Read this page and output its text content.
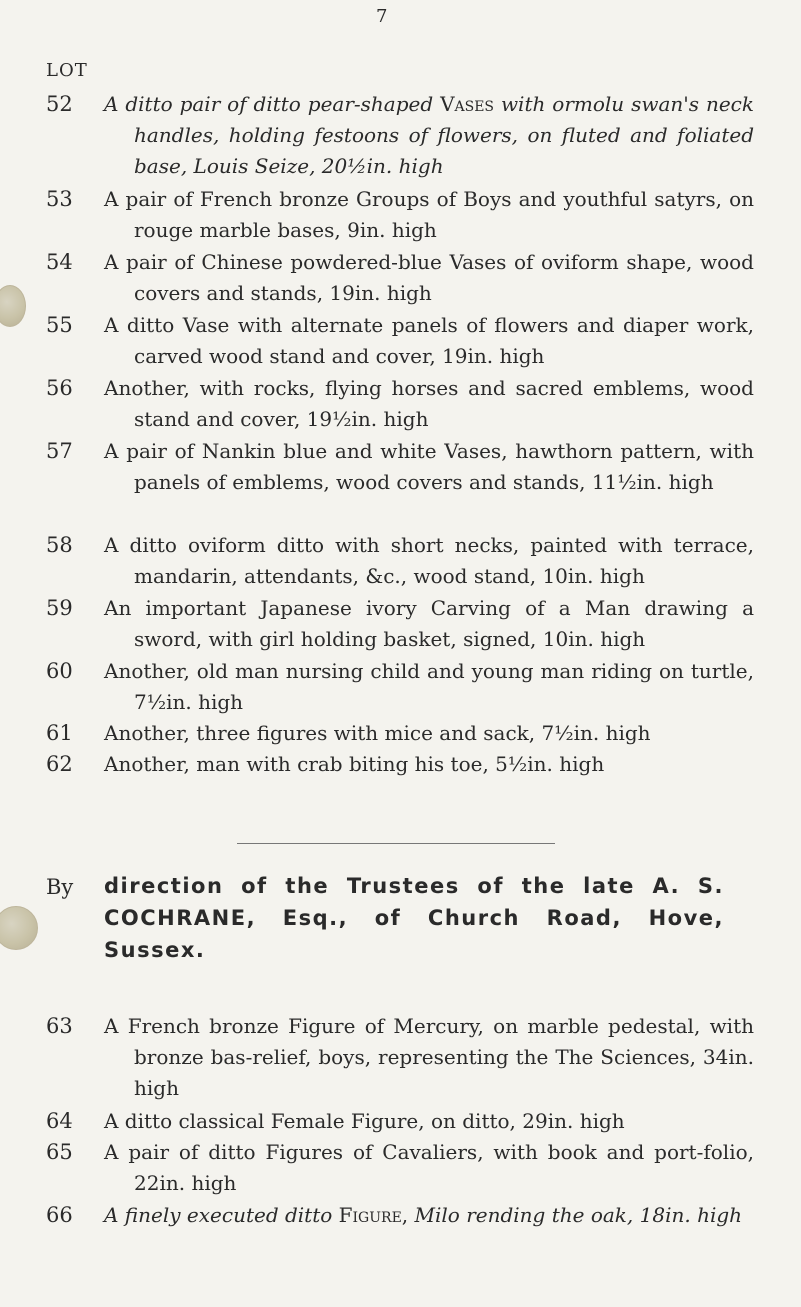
7
LOT
52 A ditto pair of ditto pear-shaped Vases with ormolu swan's neck handles, holding festoons of flowers, on fluted and foliated base, Louis Seize, 20½in. high
53 A pair of French bronze Groups of Boys and youthful satyrs, on rouge marble bases, 9in. high
54 A pair of Chinese powdered-blue Vases of oviform shape, wood covers and stands, 19in. high
55 A ditto Vase with alternate panels of flowers and diaper work, carved wood stand and cover, 19in. high
56 Another, with rocks, flying horses and sacred emblems, wood stand and cover, 19½in. high
57 A pair of Nankin blue and white Vases, hawthorn pattern, with panels of emblems, wood covers and stands, 11½in. high
58 A ditto oviform ditto with short necks, painted with terrace, mandarin, attendants, &c., wood stand, 10in. high
59 An important Japanese ivory Carving of a Man drawing a sword, with girl holding basket, signed, 10in. high
60 Another, old man nursing child and young man riding on turtle, 7½in. high
61 Another, three figures with mice and sack, 7½in. high
62 Another, man with crab biting his toe, 5½in. high
By direction of the Trustees of the late A. S. COCHRANE, Esq., of Church Road, Hove, Sussex.
63 A French bronze Figure of Mercury, on marble pedestal, with bronze bas-relief, boys, representing the The Sciences, 34in. high
64 A ditto classical Female Figure, on ditto, 29in. high
65 A pair of ditto Figures of Cavaliers, with book and port-folio, 22in. high
66 A finely executed ditto Figure, Milo rending the oak, 18in. high
